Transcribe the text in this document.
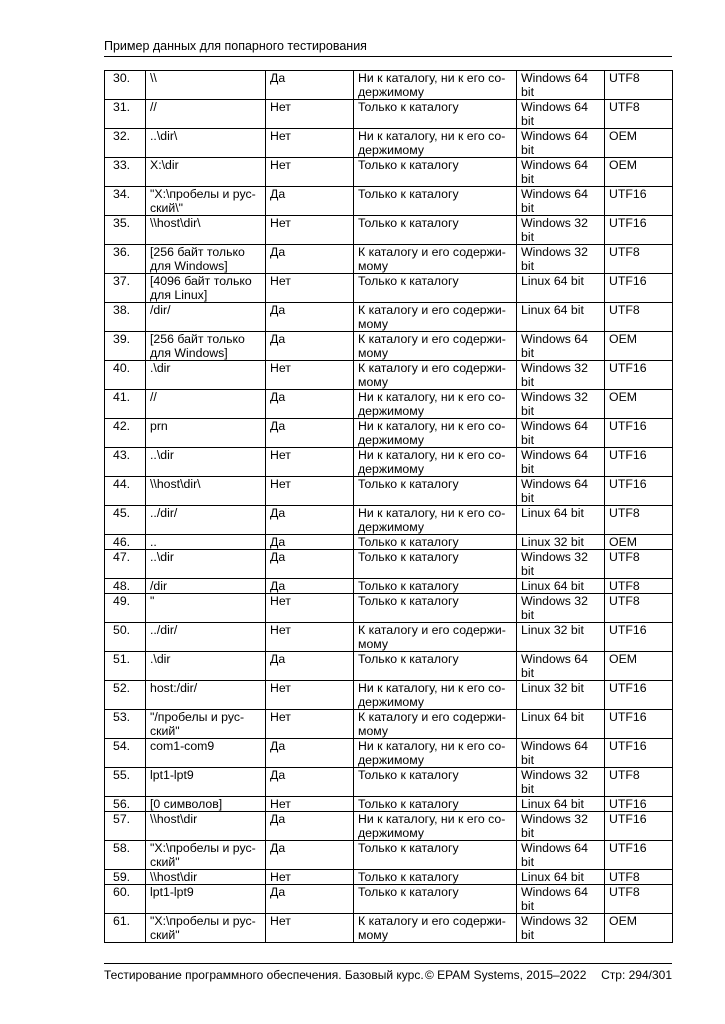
Пример данных для попарного тестирования
30.	\\	Да	Ни к каталогу, ни к его со-
держимому	Windows 64
bit	UTF8
31.	//	Нет	Только к каталогу	Windows 64
bit	UTF8
32.	..\dir\	Нет	Ни к каталогу, ни к его со-
держимому	Windows 64
bit	OEM
33.	X:\dir	Нет	Только к каталогу	Windows 64
bit	OEM
34.	"X:\пробелы и рус-
ский\"	Да	Только к каталогу	Windows 64
bit	UTF16
35.	\\host\dir\	Нет	Только к каталогу	Windows 32
bit	UTF16
36.	[256 байт только
для Windows]	Да	К каталогу и его содержи-
мому	Windows 32
bit	UTF8
37.	[4096 байт только
для Linux]	Нет	Только к каталогу	Linux 64 bit	UTF16
38.	/dir/	Да	К каталогу и его содержи-
мому	Linux 64 bit	UTF8
39.	[256 байт только
для Windows]	Да	К каталогу и его содержи-
мому	Windows 64
bit	OEM
40.	.\dir	Нет	К каталогу и его содержи-
мому	Windows 32
bit	UTF16
41.	//	Да	Ни к каталогу, ни к его со-
держимому	Windows 32
bit	OEM
42.	prn	Да	Ни к каталогу, ни к его со-
держимому	Windows 64
bit	UTF16
43.	..\dir	Нет	Ни к каталогу, ни к его со-
держимому	Windows 64
bit	UTF16
44.	\\host\dir\	Нет	Только к каталогу	Windows 64
bit	UTF16
45.	../dir/	Да	Ни к каталогу, ни к его со-
держимому	Linux 64 bit	UTF8
46.	..	Да	Только к каталогу	Linux 32 bit	OEM
47.	..\dir	Да	Только к каталогу	Windows 32
bit	UTF8
48.	/dir	Да	Только к каталогу	Linux 64 bit	UTF8
49.	"	Нет	Только к каталогу	Windows 32
bit	UTF8
50.	../dir/	Нет	К каталогу и его содержи-
мому	Linux 32 bit	UTF16
51.	.\dir	Да	Только к каталогу	Windows 64
bit	OEM
52.	host:/dir/	Нет	Ни к каталогу, ни к его со-
держимому	Linux 32 bit	UTF16
53.	"/пробелы и рус-
ский"	Нет	К каталогу и его содержи-
мому	Linux 64 bit	UTF16
54.	com1-com9	Да	Ни к каталогу, ни к его со-
держимому	Windows 64
bit	UTF16
55.	lpt1-lpt9	Да	Только к каталогу	Windows 32
bit	UTF8
56.	[0 символов]	Нет	Только к каталогу	Linux 64 bit	UTF16
57.	\\host\dir	Да	Ни к каталогу, ни к его со-
держимому	Windows 32
bit	UTF16
58.	"X:\пробелы и рус-
ский"	Да	Только к каталогу	Windows 64
bit	UTF16
59.	\\host\dir	Нет	Только к каталогу	Linux 64 bit	UTF8
60.	lpt1-lpt9	Да	Только к каталогу	Windows 64
bit	UTF8
61.	"X:\пробелы и рус-
ский"	Нет	К каталогу и его содержи-
мому	Windows 32
bit	OEM
Тестирование программного обеспечения. Базовый курс. © EPAM Systems, 2015–2022 Стр: 294/301
